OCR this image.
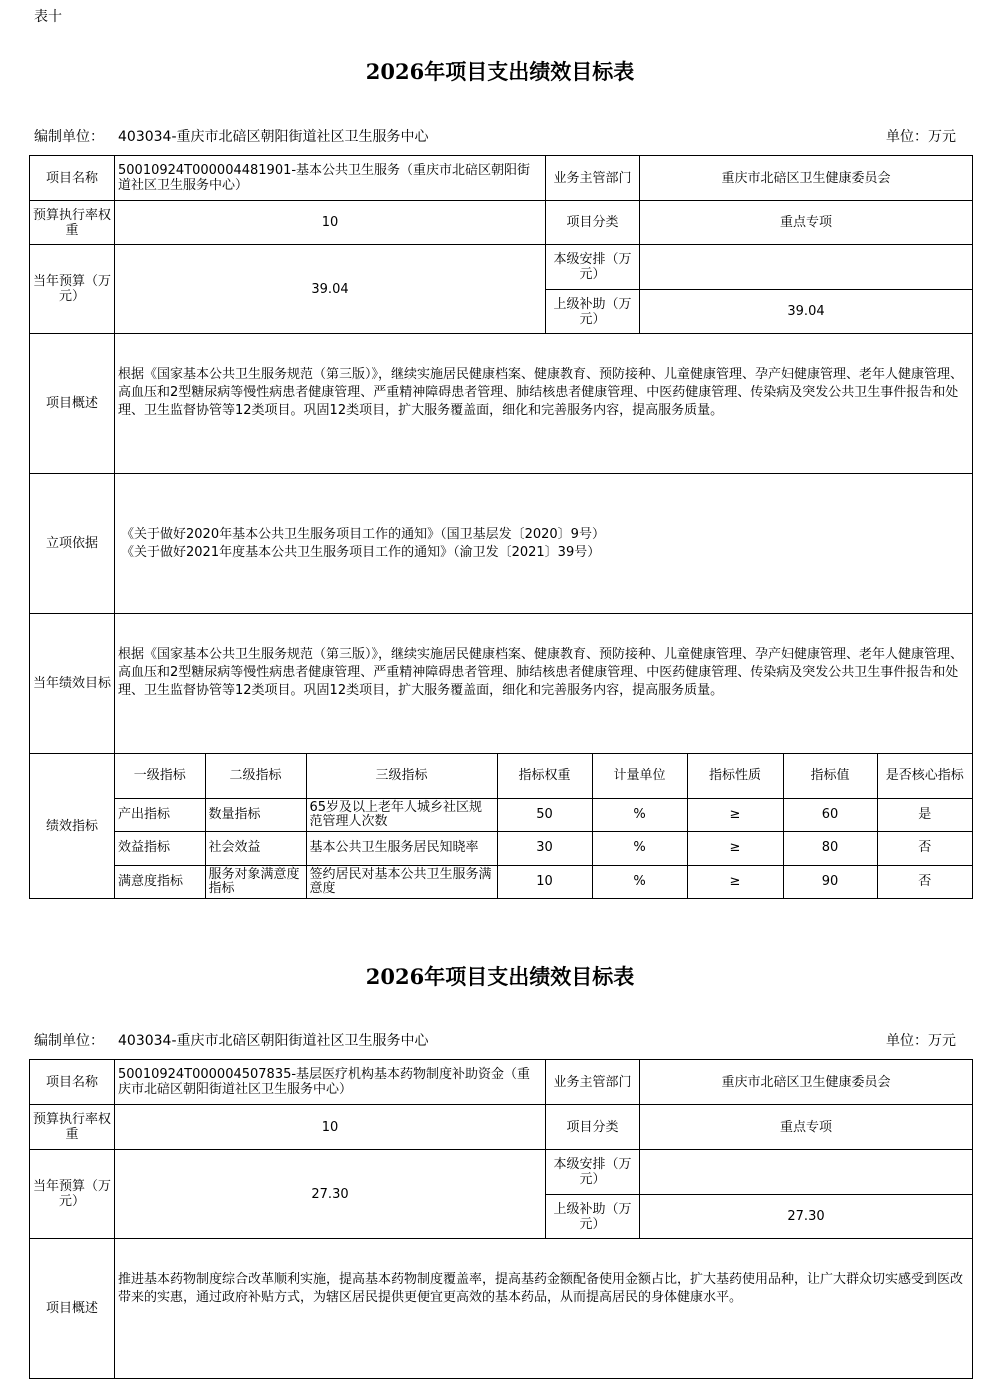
表十
2026年项目支出绩效目标表
编制单位： 403034-重庆市北碚区朝阳街道社区卫生服务中心	单位：万元
项目名称	50010924T000004481901-基本公共卫生服务（重庆市北碚区朝阳街道社区卫生服务中心）	业务主管部门	重庆市北碚区卫生健康委员会
预算执行率权重	10	项目分类	重点专项
当年预算（万元）	39.04	本级安排（万元）	
上级补助（万元）	39.04
项目概述	根据《国家基本公共卫生服务规范（第三版）》，继续实施居民健康档案、健康教育、预防接种、儿童健康管理、孕产妇健康管理、老年人健康管理、高血压和2型糖尿病等慢性病患者健康管理、严重精神障碍患者管理、肺结核患者健康管理、中医药健康管理、传染病及突发公共卫生事件报告和处理、卫生监督协管等12类项目。巩固12类项目，扩大服务覆盖面，细化和完善服务内容，提高服务质量。
立项依据	
《关于做好2020年基本公共卫生服务项目工作的通知》（国卫基层发〔2020〕9号）
《关于做好2021年度基本公共卫生服务项目工作的通知》（渝卫发〔2021〕39号）

当年绩效目标	根据《国家基本公共卫生服务规范（第三版）》，继续实施居民健康档案、健康教育、预防接种、儿童健康管理、孕产妇健康管理、老年人健康管理、高血压和2型糖尿病等慢性病患者健康管理、严重精神障碍患者管理、肺结核患者健康管理、中医药健康管理、传染病及突发公共卫生事件报告和处理、卫生监督协管等12类项目。巩固12类项目，扩大服务覆盖面，细化和完善服务内容，提高服务质量。
绩效指标	
一级指标	二级指标	三级指标	指标权重	计量单位	指标性质	指标值	是否核心指标
产出指标	数量指标	65岁及以上老年人城乡社区规范管理人次数	50	%	≥	60	是
效益指标	社会效益	基本公共卫生服务居民知晓率	30	%	≥	80	否
满意度指标	服务对象满意度指标	签约居民对基本公共卫生服务满意度	10	%	≥	90	否
2026年项目支出绩效目标表
编制单位： 403034-重庆市北碚区朝阳街道社区卫生服务中心	单位：万元
项目名称	50010924T000004507835-基层医疗机构基本药物制度补助资金（重庆市北碚区朝阳街道社区卫生服务中心）	业务主管部门	重庆市北碚区卫生健康委员会
预算执行率权重	10	项目分类	重点专项
当年预算（万元）	27.30	本级安排（万元）	
		上级补助（万元）	27.30
项目概述	推进基本药物制度综合改革顺利实施，提高基本药物制度覆盖率，提高基药金额配备使用金额占比，扩大基药使用品种，让广大群众切实感受到医改带来的实惠，通过政府补贴方式，为辖区居民提供更便宜更高效的基本药品，从而提高居民的身体健康水平。		
